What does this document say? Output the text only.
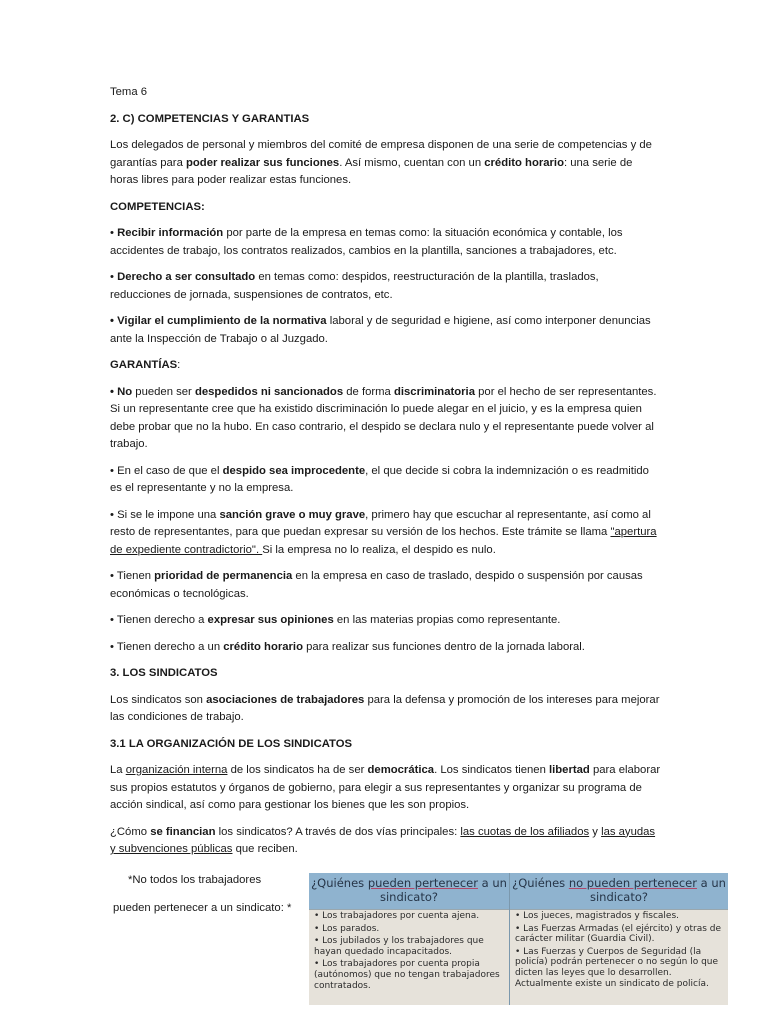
Tema 6

2. C) COMPETENCIAS Y GARANTIAS

Los delegados de personal y miembros del comité de empresa disponen de una serie de competencias y de garantías para poder realizar sus funciones. Así mismo, cuentan con un crédito horario: una serie de horas libres para poder realizar estas funciones.

COMPETENCIAS:

• Recibir información por parte de la empresa en temas como: la situación económica y contable, los accidentes de trabajo, los contratos realizados, cambios en la plantilla, sanciones a trabajadores, etc.

• Derecho a ser consultado en temas como: despidos, reestructuración de la plantilla, traslados, reducciones de jornada, suspensiones de contratos, etc.

• Vigilar el cumplimiento de la normativa laboral y de seguridad e higiene, así como interponer denuncias ante la Inspección de Trabajo o al Juzgado.

GARANTÍAS:

• No pueden ser despedidos ni sancionados de forma discriminatoria por el hecho de ser representantes. Si un representante cree que ha existido discriminación lo puede alegar en el juicio, y es la empresa quien debe probar que no la hubo. En caso contrario, el despido se declara nulo y el representante puede volver al trabajo.

• En el caso de que el despido sea improcedente, el que decide si cobra la indemnización o es readmitido es el representante y no la empresa.

• Si se le impone una sanción grave o muy grave, primero hay que escuchar al representante, así como al resto de representantes, para que puedan expresar su versión de los hechos. Este trámite se llama "apertura de expediente contradictorio". Si la empresa no lo realiza, el despido es nulo.

• Tienen prioridad de permanencia en la empresa en caso de traslado, despido o suspensión por causas económicas o tecnológicas.

• Tienen derecho a expresar sus opiniones en las materias propias como representante.

• Tienen derecho a un crédito horario para realizar sus funciones dentro de la jornada laboral.

3. LOS SINDICATOS

Los sindicatos son asociaciones de trabajadores para la defensa y promoción de los intereses para mejorar las condiciones de trabajo.

3.1 LA ORGANIZACIÓN DE LOS SINDICATOS

La organización interna de los sindicatos ha de ser democrática. Los sindicatos tienen libertad para elaborar sus propios estatutos y órganos de gobierno, para elegir a sus representantes y organizar su programa de acción sindical, así como para gestionar los bienes que les son propios.

¿Cómo se financian los sindicatos? A través de dos vías principales: las cuotas de los afiliados y las ayudas y subvenciones públicas que reciben.

*No todos los trabajadores
pueden pertenecer a un sindicato: *
¿Quiénes pueden pertenecer a un sindicato?
• Los trabajadores por cuenta ajena.
• Los parados.
• Los jubilados y los trabajadores que hayan quedado incapacitados.
• Los trabajadores por cuenta propia (autónomos) que no tengan trabajadores contratados.
¿Quiénes no pueden pertenecer a un sindicato?
• Los jueces, magistrados y fiscales.
• Las Fuerzas Armadas (el ejército) y otras de carácter militar (Guardia Civil).
• Las Fuerzas y Cuerpos de Seguridad (la policía) podrán pertenecer o no según lo que dicten las leyes que lo desarrollen. Actualmente existe un sindicato de policía.
